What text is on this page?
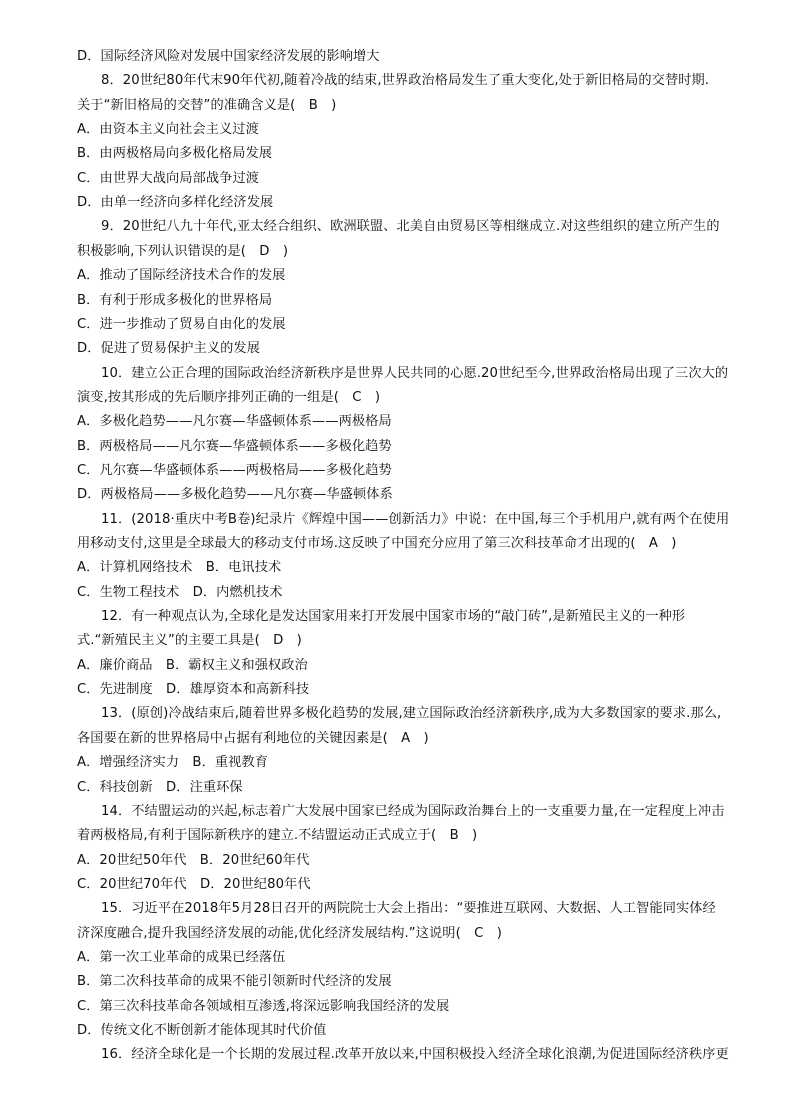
D．国际经济风险对发展中国家经济发展的影响增大
8．20世纪80年代末90年代初,随着冷战的结束,世界政治格局发生了重大变化,处于新旧格局的交替时期.
关于“新旧格局的交替”的准确含义是(　B　)
A．由资本主义向社会主义过渡
B．由两极格局向多极化格局发展
C．由世界大战向局部战争过渡
D．由单一经济向多样化经济发展
9．20世纪八九十年代,亚太经合组织、欧洲联盟、北美自由贸易区等相继成立.对这些组织的建立所产生的
积极影响,下列认识错误的是(　D　)
A．推动了国际经济技术合作的发展
B．有利于形成多极化的世界格局
C．进一步推动了贸易自由化的发展
D．促进了贸易保护主义的发展
10．建立公正合理的国际政治经济新秩序是世界人民共同的心愿.20世纪至今,世界政治格局出现了三次大的
演变,按其形成的先后顺序排列正确的一组是(　C　)
A．多极化趋势——凡尔赛—华盛顿体系——两极格局
B．两极格局——凡尔赛—华盛顿体系——多极化趋势
C．凡尔赛—华盛顿体系——两极格局——多极化趋势
D．两极格局——多极化趋势——凡尔赛—华盛顿体系
11．(2018·重庆中考B卷)纪录片《辉煌中国——创新活力》中说：在中国,每三个手机用户,就有两个在使用
用移动支付,这里是全球最大的移动支付市场.这反映了中国充分应用了第三次科技革命才出现的(　A　)
A．计算机网络技术　B．电讯技术
C．生物工程技术　D．内燃机技术
12．有一种观点认为,全球化是发达国家用来打开发展中国家市场的“敲门砖”,是新殖民主义的一种形
式.“新殖民主义”的主要工具是(　D　)
A．廉价商品　B．霸权主义和强权政治
C．先进制度　D．雄厚资本和高新科技
13．(原创)冷战结束后,随着世界多极化趋势的发展,建立国际政治经济新秩序,成为大多数国家的要求.那么,
各国要在新的世界格局中占据有利地位的关键因素是(　A　)
A．增强经济实力　B．重视教育
C．科技创新　D．注重环保
14．不结盟运动的兴起,标志着广大发展中国家已经成为国际政治舞台上的一支重要力量,在一定程度上冲击
着两极格局,有利于国际新秩序的建立.不结盟运动正式成立于(　B　)
A．20世纪50年代　B．20世纪60年代
C．20世纪70年代　D．20世纪80年代
15．习近平在2018年5月28日召开的两院院士大会上指出：“要推进互联网、大数据、人工智能同实体经
济深度融合,提升我国经济发展的动能,优化经济发展结构.”这说明(　C　)
A．第一次工业革命的成果已经落伍
B．第二次科技革命的成果不能引领新时代经济的发展
C．第三次科技革命各领域相互渗透,将深远影响我国经济的发展
D．传统文化不断创新才能体现其时代价值
16．经济全球化是一个长期的发展过程.改革开放以来,中国积极投入经济全球化浪潮,为促进国际经济秩序更
